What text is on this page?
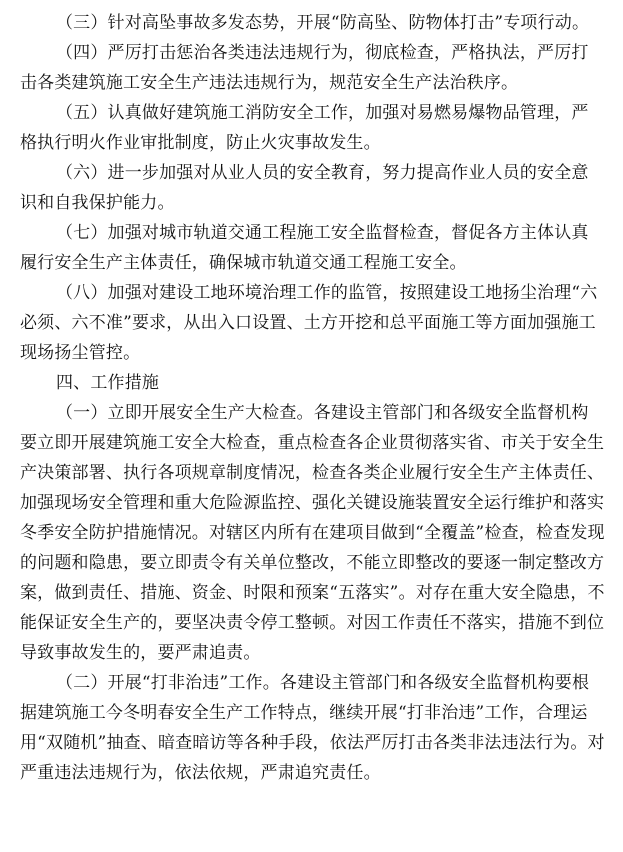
（三）针对高坠事故多发态势，开展“防高坠、防物体打击”专项行动。

（四）严厉打击惩治各类违法违规行为，彻底检查，严格执法，严厉打击各类建筑施工安全生产违法违规行为，规范安全生产法治秩序。

（五）认真做好建筑施工消防安全工作，加强对易燃易爆物品管理，严格执行明火作业审批制度，防止火灾事故发生。

（六）进一步加强对从业人员的安全教育，努力提高作业人员的安全意识和自我保护能力。

（七）加强对城市轨道交通工程施工安全监督检查，督促各方主体认真履行安全生产主体责任，确保城市轨道交通工程施工安全。

（八）加强对建设工地环境治理工作的监管，按照建设工地扬尘治理“六必须、六不准”要求，从出入口设置、土方开挖和总平面施工等方面加强施工现场扬尘管控。

四、工作措施

（一）立即开展安全生产大检查。各建设主管部门和各级安全监督机构要立即开展建筑施工安全大检查，重点检查各企业贯彻落实省、市关于安全生产决策部署、执行各项规章制度情况，检查各类企业履行安全生产主体责任、加强现场安全管理和重大危险源监控、强化关键设施装置安全运行维护和落实冬季安全防护措施情况。对辖区内所有在建项目做到“全覆盖”检查，检查发现的问题和隐患，要立即责令有关单位整改，不能立即整改的要逐一制定整改方案，做到责任、措施、资金、时限和预案“五落实”。对存在重大安全隐患，不能保证安全生产的，要坚决责令停工整顿。对因工作责任不落实，措施不到位导致事故发生的，要严肃追责。

（二）开展“打非治违”工作。各建设主管部门和各级安全监督机构要根据建筑施工今冬明春安全生产工作特点，继续开展“打非治违”工作，合理运用“双随机”抽查、暗查暗访等各种手段，依法严厉打击各类非法违法行为。对严重违法违规行为，依法依规，严肃追究责任。
